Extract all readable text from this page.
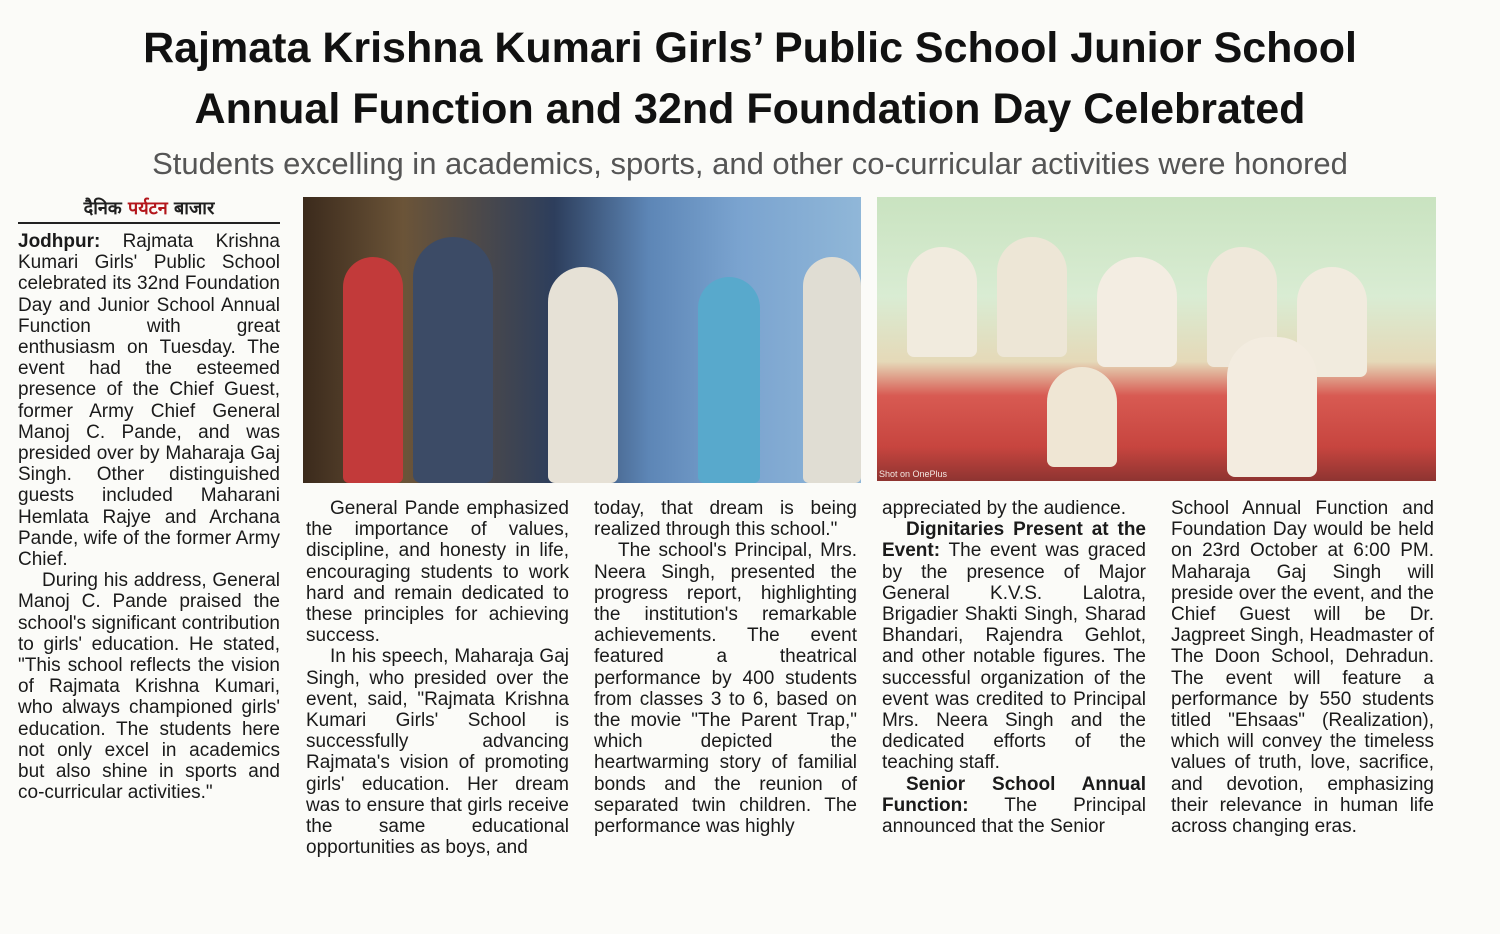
Rajmata Krishna Kumari Girls’ Public School Junior School
Annual Function and 32nd Foundation Day Celebrated

Students excelling in academics, sports, and other co-curricular activities were honored

दैनिक पर्यटन बाजार
Shot on OnePlus

Jodhpur: Rajmata Krishna Kumari Girls' Public School celebrated its 32nd Foundation Day and Junior School Annual Function with great enthusiasm on Tuesday. The event had the esteemed presence of the Chief Guest, former Army Chief General Manoj C. Pande, and was presided over by Maharaja Gaj Singh. Other distinguished guests included Maharani Hemlata Rajye and Archana Pande, wife of the former Army Chief.

During his address, General Manoj C. Pande praised the school's significant contribution to girls' education. He stated, "This school reflects the vision of Rajmata Krishna Kumari, who always championed girls' education. The students here not only excel in academics but also shine in sports and co-curricular activities."

General Pande emphasized the importance of values, discipline, and honesty in life, encouraging students to work hard and remain dedicated to these principles for achieving success.

In his speech, Maharaja Gaj Singh, who presided over the event, said, "Rajmata Krishna Kumari Girls' School is successfully advancing Rajmata's vision of promoting girls' education. Her dream was to ensure that girls receive the same educational opportunities as boys, and

today, that dream is being realized through this school."

The school's Principal, Mrs. Neera Singh, presented the progress report, highlighting the institution's remarkable achievements. The event featured a theatrical performance by 400 students from classes 3 to 6, based on the movie "The Parent Trap," which depicted the heartwarming story of familial bonds and the reunion of separated twin children. The performance was highly

appreciated by the audience.

Dignitaries Present at the Event: The event was graced by the presence of Major General K.V.S. Lalotra, Brigadier Shakti Singh, Sharad Bhandari, Rajendra Gehlot, and other notable figures. The successful organization of the event was credited to Principal Mrs. Neera Singh and the dedicated efforts of the teaching staff.

Senior School Annual Function: The Principal announced that the Senior

School Annual Function and Foundation Day would be held on 23rd October at 6:00 PM. Maharaja Gaj Singh will preside over the event, and the Chief Guest will be Dr. Jagpreet Singh, Headmaster of The Doon School, Dehradun. The event will feature a performance by 550 students titled "Ehsaas" (Realization), which will convey the timeless values of truth, love, sacrifice, and devotion, emphasizing their relevance in human life across changing eras.
